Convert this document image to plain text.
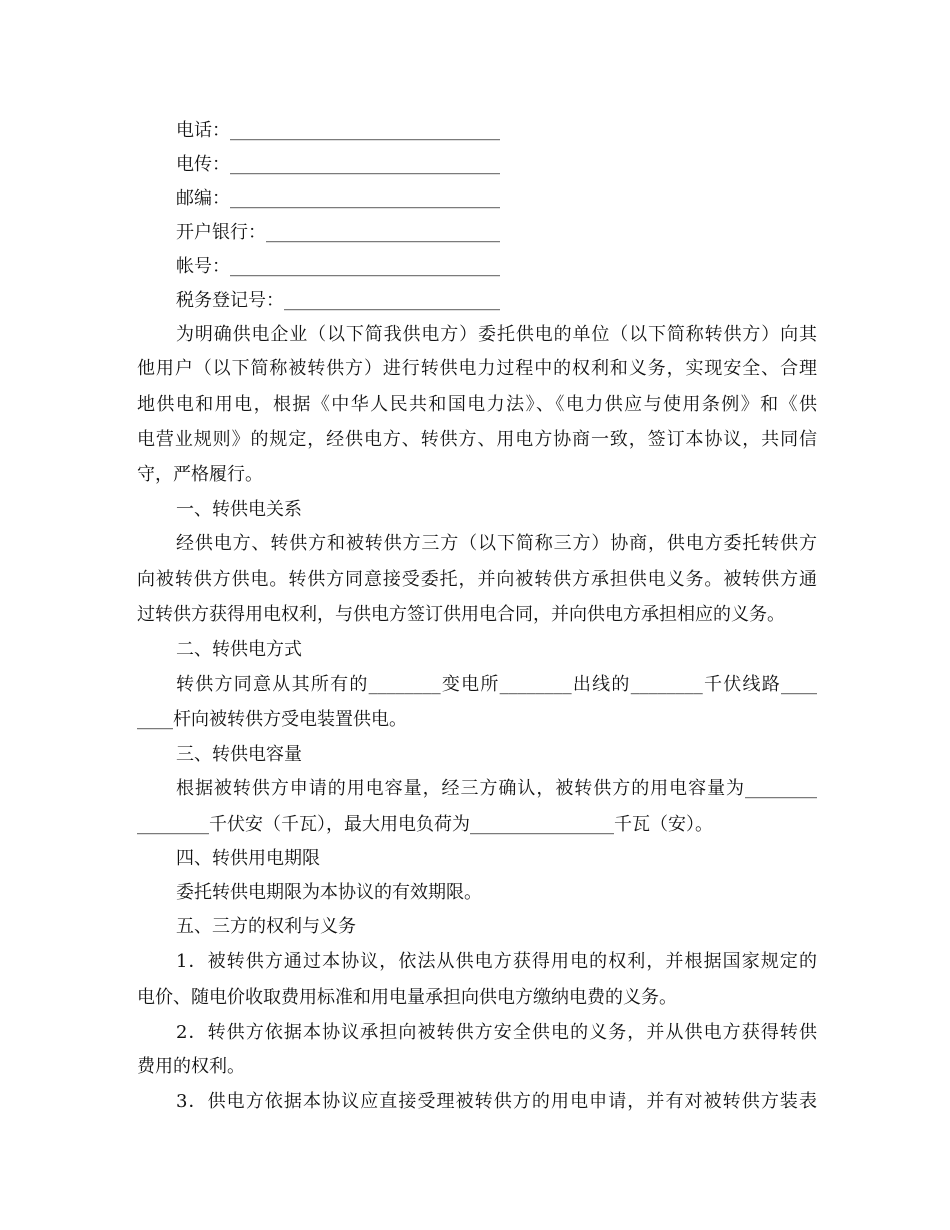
电话：______________________________
电传：______________________________
邮编：______________________________
开户银行：__________________________
帐号：______________________________
税务登记号：________________________
为明确供电企业（以下简我供电方）委托供电的单位（以下简称转供方）向其
他用户（以下简称被转供方）进行转供电力过程中的权利和义务，实现安全、合理
地供电和用电，根据《中华人民共和国电力法》、《电力供应与使用条例》和《供
电营业规则》的规定，经供电方、转供方、用电方协商一致，签订本协议，共同信
守，严格履行。
一、转供电关系
经供电方、转供方和被转供方三方（以下简称三方）协商，供电方委托转供方
向被转供方供电。转供方同意接受委托，并向被转供方承担供电义务。被转供方通
过转供方获得用电权利，与供电方签订供用电合同，并向供电方承担相应的义务。
二、转供电方式
转供方同意从其所有的________变电所________出线的________千伏线路____
____杆向被转供方受电装置供电。
三、转供电容量
根据被转供方申请的用电容量，经三方确认，被转供方的用电容量为________
________千伏安（千瓦），最大用电负荷为________________千瓦（安）。
四、转供用电期限
委托转供电期限为本协议的有效期限。
五、三方的权利与义务
1．被转供方通过本协议，依法从供电方获得用电的权利，并根据国家规定的
电价、随电价收取费用标准和用电量承担向供电方缴纳电费的义务。
2．转供方依据本协议承担向被转供方安全供电的义务，并从供电方获得转供
费用的权利。
3．供电方依据本协议应直接受理被转供方的用电申请，并有对被转供方装表
